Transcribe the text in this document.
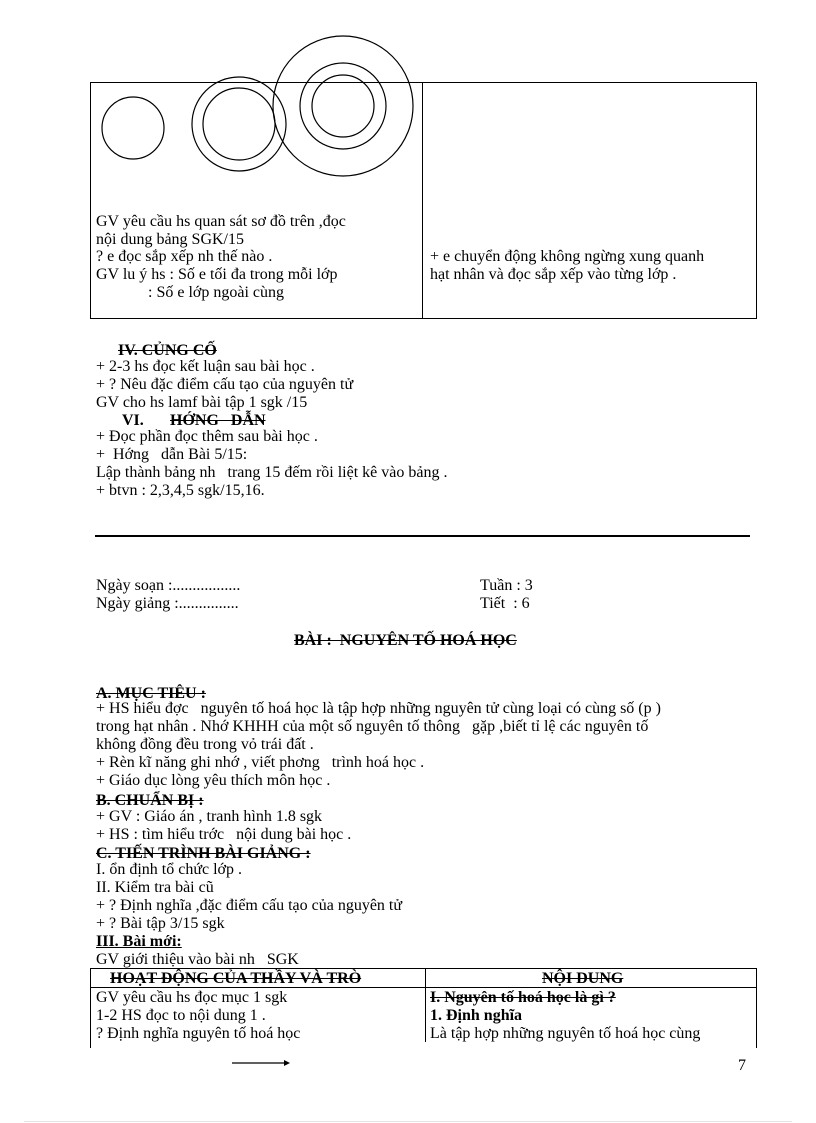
GV yêu cầu hs quan sát sơ đồ trên ,đọc
nội dung bảng SGK/15
? e đọc sắp xếp nh thế nào .
GV lu ý hs : Số e tối đa trong mỗi lớp
: Số e lớp ngoài cùng
+ e chuyển động không ngừng xung quanh
hạt nhân và đọc sắp xếp vào từng lớp .
IV. CỦNG CỐ
+ 2-3 hs đọc kết luận sau bài học .
+ ? Nêu đặc điểm cấu tạo của nguyên tử
GV cho hs lamf bài tập 1 sgk /15
VI. HỚNG   DẪN
+ Đọc phần đọc thêm sau bài học .
+  Hớng   dẫn Bài 5/15:
Lập thành bảng nh   trang 15 đếm rồi liệt kê vào bảng .
+ btvn : 2,3,4,5 sgk/15,16.
Ngày soạn :.................
Ngày giảng :...............
Tuần : 3
Tiết  : 6
BÀI :  NGUYÊN TỐ HOÁ HỌC
A. MỤC TIÊU :
+ HS hiểu đợc   nguyên tố hoá học là tập hợp những nguyên tử cùng loại có cùng số (p )
trong hạt nhân . Nhớ KHHH của một số nguyên tố thông   gặp ,biết tỉ lệ các nguyên tố
không đồng đều trong vỏ trái đất .
+ Rèn kĩ năng ghi nhớ , viết phơng   trình hoá học .
+ Giáo dục lòng yêu thích môn học .
B. CHUẨN BỊ :
+ GV : Giáo án , tranh hình 1.8 sgk
+ HS : tìm hiểu trớc   nội dung bài học .
C. TIẾN TRÌNH BÀI GIẢNG :
I. ổn định tổ chức lớp .
II. Kiểm tra bài cũ
+ ? Định nghĩa ,đặc điểm cấu tạo của nguyên tử
+ ? Bài tập 3/15 sgk
III. Bài mới:
GV giới thiệu vào bài nh   SGK
HOẠT ĐỘNG CỦA THẦY VÀ TRÒ	NỘI DUNG
GV yêu cầu hs đọc mục 1 sgk
1-2 HS đọc to nội dung 1 .
? Định nghĩa nguyên tố hoá học
I. Nguyên tố hoá học là gì ?
1. Định nghĩa
Là tập hợp những nguyên tố hoá học cùng
7
